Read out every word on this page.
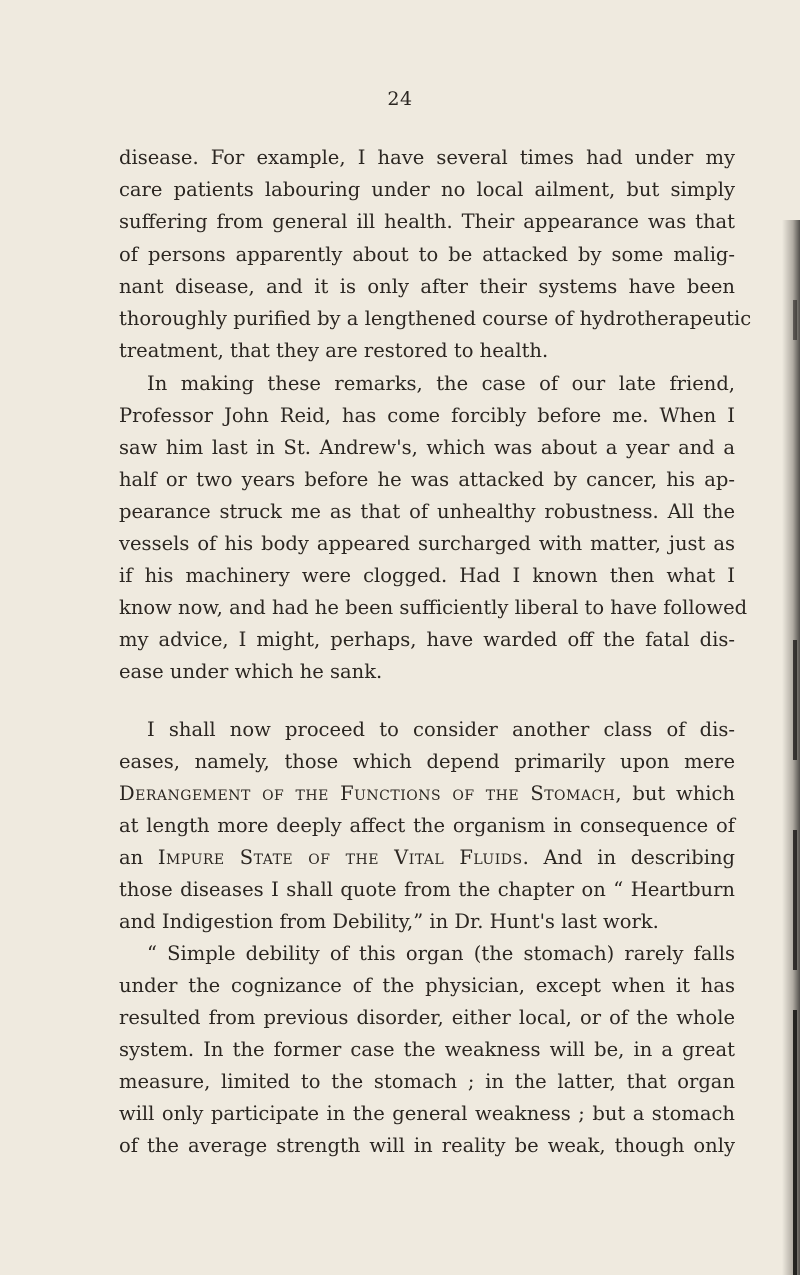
24
disease. For example, I have several times had under my
care patients labouring under no local ailment, but simply
suffering from general ill health. Their appearance was that
of persons apparently about to be attacked by some malig-
nant disease, and it is only after their systems have been
thoroughly purified by a lengthened course of hydrotherapeutic
treatment, that they are restored to health.
In making these remarks, the case of our late friend,
Professor John Reid, has come forcibly before me. When I
saw him last in St. Andrew's, which was about a year and a
half or two years before he was attacked by cancer, his ap-
pearance struck me as that of unhealthy robustness. All the
vessels of his body appeared surcharged with matter, just as
if his machinery were clogged. Had I known then what I
know now, and had he been sufficiently liberal to have followed
my advice, I might, perhaps, have warded off the fatal dis-
ease under which he sank.
I shall now proceed to consider another class of dis-
eases, namely, those which depend primarily upon mere
Derangement of the Functions of the Stomach, but which
at length more deeply affect the organism in consequence of
an Impure State of the Vital Fluids. And in describing
those diseases I shall quote from the chapter on “ Heartburn
and Indigestion from Debility,” in Dr. Hunt's last work.
“ Simple debility of this organ (the stomach) rarely falls
under the cognizance of the physician, except when it has
resulted from previous disorder, either local, or of the whole
system. In the former case the weakness will be, in a great
measure, limited to the stomach ; in the latter, that organ
will only participate in the general weakness ; but a stomach
of the average strength will in reality be weak, though only
